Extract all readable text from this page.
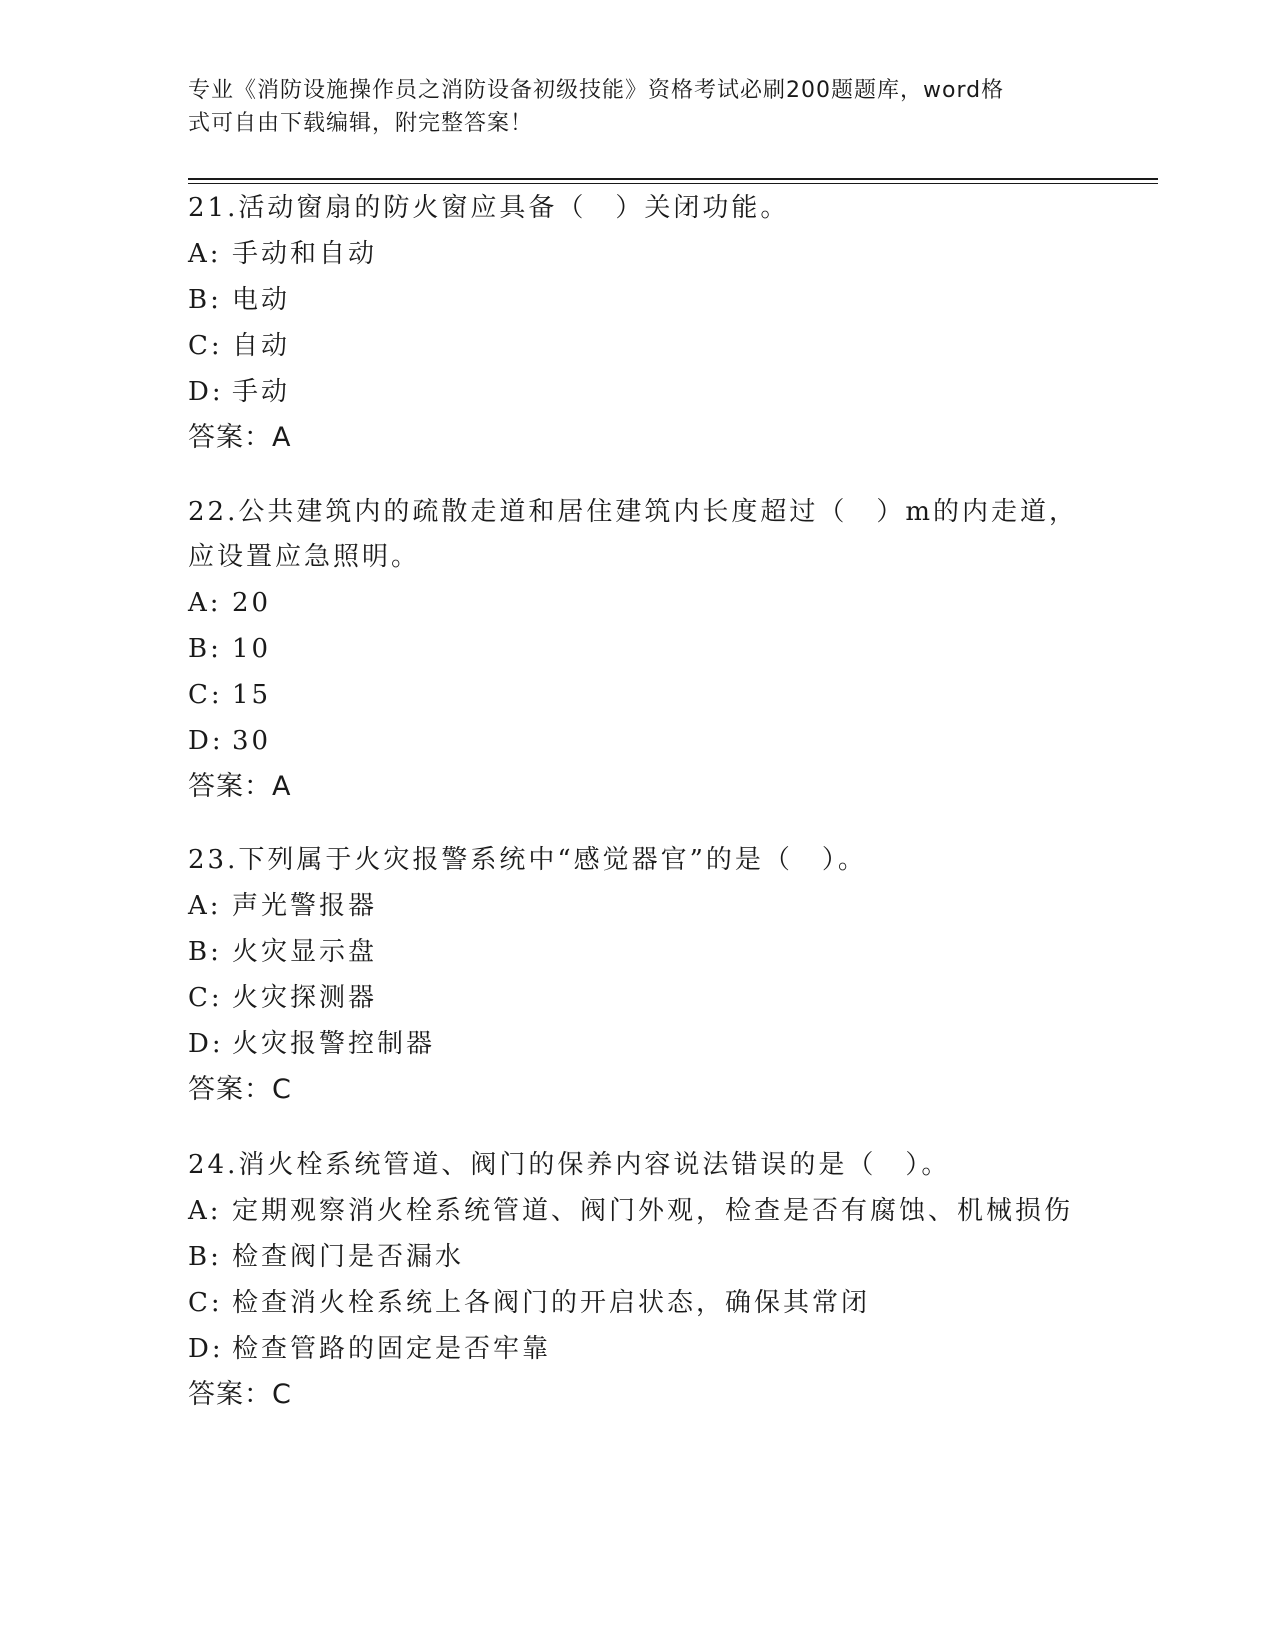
专业《消防设施操作员之消防设备初级技能》资格考试必刷200题题库，word格
式可自由下载编辑，附完整答案！

21.活动窗扇的防火窗应具备（　）关闭功能。

A: 手动和自动

B: 电动

C: 自动

D: 手动

答案：A

22.公共建筑内的疏散走道和居住建筑内长度超过（　）m的内走道，

应设置应急照明。

A: 20

B: 10

C: 15

D: 30

答案：A

23.下列属于火灾报警系统中“感觉器官”的是（　）。

A: 声光警报器

B: 火灾显示盘

C: 火灾探测器

D: 火灾报警控制器

答案：C

24.消火栓系统管道、阀门的保养内容说法错误的是（　）。

A: 定期观察消火栓系统管道、阀门外观，检查是否有腐蚀、机械损伤

B: 检查阀门是否漏水

C: 检查消火栓系统上各阀门的开启状态，确保其常闭

D: 检查管路的固定是否牢靠

答案：C
